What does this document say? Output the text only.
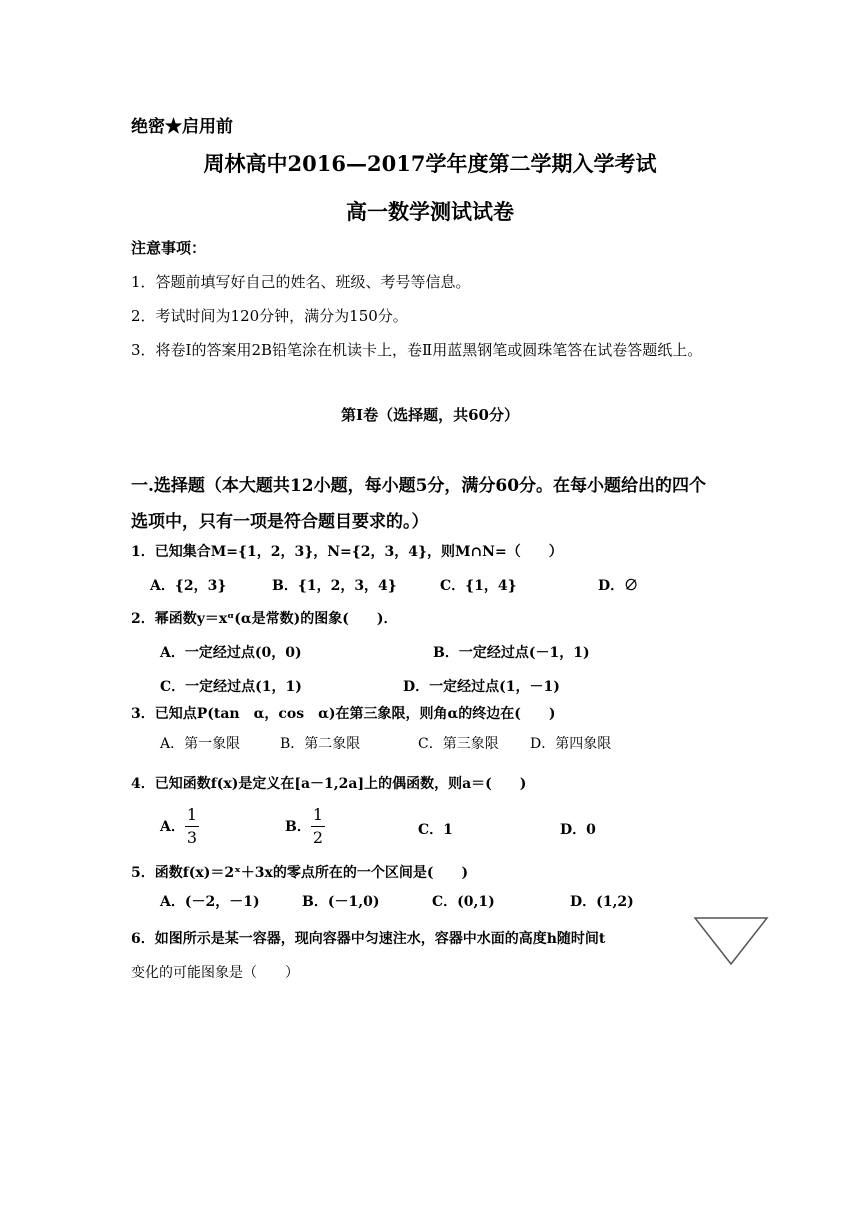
绝密★启用前
周林高中2016—2017学年度第二学期入学考试
高一数学测试试卷
注意事项：
1．答题前填写好自己的姓名、班级、考号等信息。
2．考试时间为120分钟，满分为150分。
3．将卷Ⅰ的答案用2B铅笔涂在机读卡上，卷Ⅱ用蓝黑钢笔或圆珠笔答在试卷答题纸上。
第Ⅰ卷（选择题，共60分）
一.选择题（本大题共12小题，每小题5分，满分60分。在每小题给出的四个
选项中，只有一项是符合题目要求的。）
1．已知集合M={1，2，3}，N={2，3，4}，则M∩N=（　　）
A．{2，3}	B．{1，2，3，4}	C．{1，4}	D．∅
2．幂函数y＝xᵅ(α是常数)的图象(　　)．
A．一定经过点(0，0)	B．一定经过点(－1，1)
C．一定经过点(1，1)	D．一定经过点(1，－1)
3．已知点P(tan　α，cos　α)在第三象限，则角α的终边在(　　)
A．第一象限	B．第二象限	C．第三象限 D．第四象限
4．已知函数f(x)是定义在[a－1,2a]上的偶函数，则a＝(　　)
A． $\frac{1}{3}$	B． $\frac{1}{2}$	C．1	D．0
5．函数f(x)＝2ˣ＋3x的零点所在的一个区间是(　　)
A．(－2，－1)	B．(－1,0)	C．(0,1)	D．(1,2)
6．如图所示是某一容器，现向容器中匀速注水，容器中水面的高度h随时间t
变化的可能图象是（　　）
